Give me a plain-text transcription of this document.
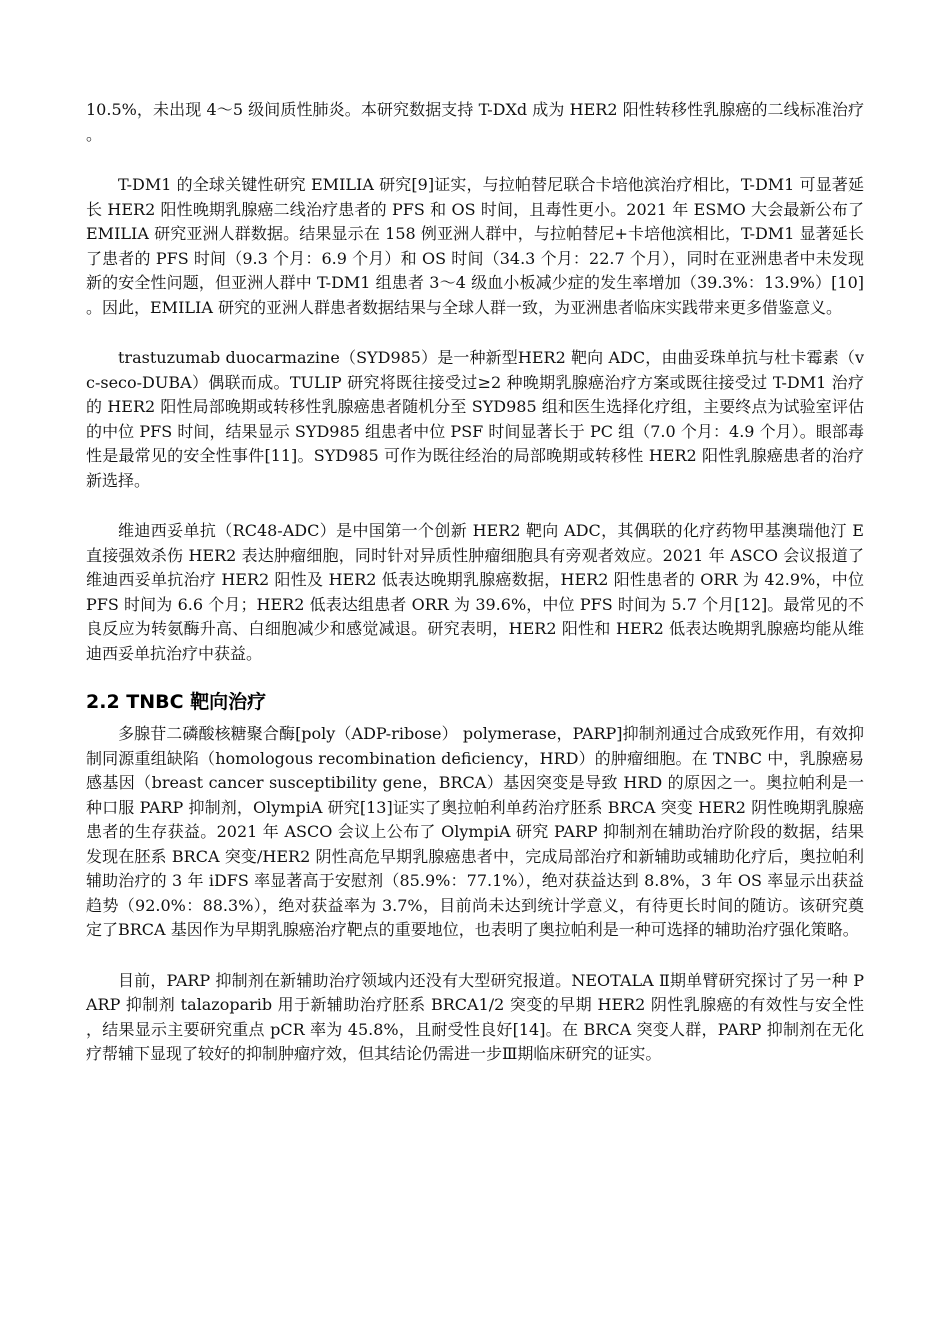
10.5%，未出现 4～5 级间质性肺炎。本研究数据支持 T-DXd 成为 HER2 阳性转移性乳腺癌的二线标准治疗。

T-DM1 的全球关键性研究 EMILIA 研究[9]证实，与拉帕替尼联合卡培他滨治疗相比，T-DM1 可显著延长 HER2 阳性晚期乳腺癌二线治疗患者的 PFS 和 OS 时间，且毒性更小。2021 年 ESMO 大会最新公布了 EMILIA 研究亚洲人群数据。结果显示在 158 例亚洲人群中，与拉帕替尼+卡培他滨相比，T-DM1 显著延长了患者的 PFS 时间（9.3 个月：6.9 个月）和 OS 时间（34.3 个月：22.7 个月），同时在亚洲患者中未发现新的安全性问题，但亚洲人群中 T-DM1 组患者 3～4 级血小板减少症的发生率增加（39.3%：13.9%）[10]。因此，EMILIA 研究的亚洲人群患者数据结果与全球人群一致，为亚洲患者临床实践带来更多借鉴意义。

trastuzumab duocarmazine（SYD985）是一种新型HER2 靶向 ADC，由曲妥珠单抗与杜卡霉素（vc-seco-DUBA）偶联而成。TULIP 研究将既往接受过≥2 种晚期乳腺癌治疗方案或既往接受过 T-DM1 治疗的 HER2 阳性局部晚期或转移性乳腺癌患者随机分至 SYD985 组和医生选择化疗组，主要终点为试验室评估的中位 PFS 时间，结果显示 SYD985 组患者中位 PSF 时间显著长于 PC 组（7.0 个月：4.9 个月）。眼部毒性是最常见的安全性事件[11]。SYD985 可作为既往经治的局部晚期或转移性 HER2 阳性乳腺癌患者的治疗新选择。

维迪西妥单抗（RC48-ADC）是中国第一个创新 HER2 靶向 ADC，其偶联的化疗药物甲基澳瑞他汀 E 直接强效杀伤 HER2 表达肿瘤细胞，同时针对异质性肿瘤细胞具有旁观者效应。2021 年 ASCO 会议报道了维迪西妥单抗治疗 HER2 阳性及 HER2 低表达晚期乳腺癌数据，HER2 阳性患者的 ORR 为 42.9%，中位 PFS 时间为 6.6 个月；HER2 低表达组患者 ORR 为 39.6%，中位 PFS 时间为 5.7 个月[12]。最常见的不良反应为转氨酶升高、白细胞减少和感觉减退。研究表明，HER2 阳性和 HER2 低表达晚期乳腺癌均能从维迪西妥单抗治疗中获益。

2.2 TNBC 靶向治疗

多腺苷二磷酸核糖聚合酶[poly（ADP-ribose） polymerase，PARP]抑制剂通过合成致死作用，有效抑制同源重组缺陷（homologous recombination deficiency，HRD）的肿瘤细胞。在 TNBC 中，乳腺癌易感基因（breast cancer susceptibility gene，BRCA）基因突变是导致 HRD 的原因之一。奥拉帕利是一种口服 PARP 抑制剂，OlympiA 研究[13]证实了奥拉帕利单药治疗胚系 BRCA 突变 HER2 阴性晚期乳腺癌患者的生存获益。2021 年 ASCO 会议上公布了 OlympiA 研究 PARP 抑制剂在辅助治疗阶段的数据，结果发现在胚系 BRCA 突变/HER2 阴性高危早期乳腺癌患者中，完成局部治疗和新辅助或辅助化疗后，奥拉帕利辅助治疗的 3 年 iDFS 率显著高于安慰剂（85.9%：77.1%），绝对获益达到 8.8%，3 年 OS 率显示出获益趋势（92.0%：88.3%），绝对获益率为 3.7%，目前尚未达到统计学意义，有待更长时间的随访。该研究奠定了BRCA 基因作为早期乳腺癌治疗靶点的重要地位，也表明了奥拉帕利是一种可选择的辅助治疗强化策略。

目前，PARP 抑制剂在新辅助治疗领域内还没有大型研究报道。NEOTALA Ⅱ期单臂研究探讨了另一种 PARP 抑制剂 talazoparib 用于新辅助治疗胚系 BRCA1/2 突变的早期 HER2 阴性乳腺癌的有效性与安全性，结果显示主要研究重点 pCR 率为 45.8%，且耐受性良好[14]。在 BRCA 突变人群，PARP 抑制剂在无化疗帮辅下显现了较好的抑制肿瘤疗效，但其结论仍需进一步Ⅲ期临床研究的证实。
